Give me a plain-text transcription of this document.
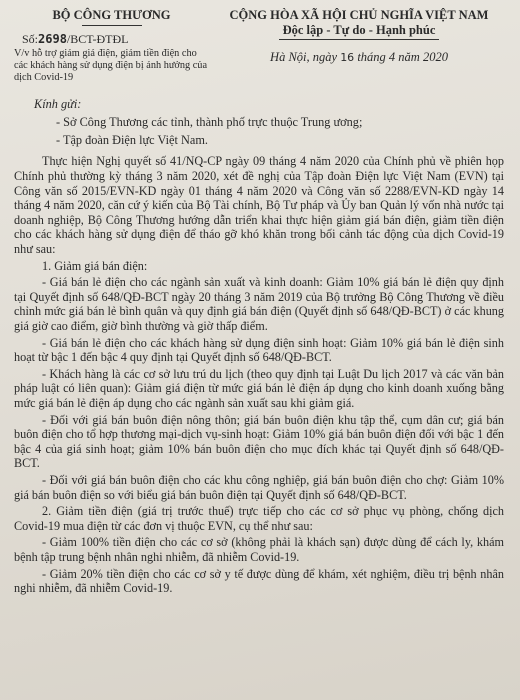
BỘ CÔNG THƯƠNG
Số:2698/BCT-ĐTĐL
V/v hỗ trợ giảm giá điện, giảm tiền điện cho các khách hàng sử dụng điện bị ảnh hưởng của dịch Covid-19
CỘNG HÒA XÃ HỘI CHỦ NGHĨA VIỆT NAM
Độc lập - Tự do - Hạnh phúc
Hà Nội, ngày 16 tháng 4 năm 2020
Kính gửi:
- Sở Công Thương các tỉnh, thành phố trực thuộc Trung ương;
- Tập đoàn Điện lực Việt Nam.

Thực hiện Nghị quyết số 41/NQ-CP ngày 09 tháng 4 năm 2020 của Chính phủ về phiên họp Chính phủ thường kỳ tháng 3 năm 2020, xét đề nghị của Tập đoàn Điện lực Việt Nam (EVN) tại Công văn số 2015/EVN-KD ngày 01 tháng 4 năm 2020 và Công văn số 2288/EVN-KD ngày 14 tháng 4 năm 2020, căn cứ ý kiến của Bộ Tài chính, Bộ Tư pháp và Ủy ban Quản lý vốn nhà nước tại doanh nghiệp, Bộ Công Thương hướng dẫn triển khai thực hiện giảm giá bán điện, giảm tiền điện cho các khách hàng sử dụng điện để tháo gỡ khó khăn trong bối cảnh tác động của dịch Covid-19 như sau:

1. Giảm giá bán điện:

- Giá bán lẻ điện cho các ngành sản xuất và kinh doanh: Giảm 10% giá bán lẻ điện quy định tại Quyết định số 648/QĐ-BCT ngày 20 tháng 3 năm 2019 của Bộ trưởng Bộ Công Thương về điều chỉnh mức giá bán lẻ bình quân và quy định giá bán điện (Quyết định số 648/QĐ-BCT) ở các khung giá giờ cao điểm, giờ bình thường và giờ thấp điểm.

- Giá bán lẻ điện cho các khách hàng sử dụng điện sinh hoạt: Giảm 10% giá bán lẻ điện sinh hoạt từ bậc 1 đến bậc 4 quy định tại Quyết định số 648/QĐ-BCT.

- Khách hàng là các cơ sở lưu trú du lịch (theo quy định tại Luật Du lịch 2017 và các văn bản pháp luật có liên quan): Giảm giá điện từ mức giá bán lẻ điện áp dụng cho kinh doanh xuống bằng mức giá bán lẻ điện áp dụng cho các ngành sản xuất sau khi giảm giá.

- Đối với giá bán buôn điện nông thôn; giá bán buôn điện khu tập thể, cụm dân cư; giá bán buôn điện cho tổ hợp thương mại-dịch vụ-sinh hoạt: Giảm 10% giá bán buôn điện đối với bậc 1 đến bậc 4 của giá sinh hoạt; giảm 10% bán buôn điện cho mục đích khác tại Quyết định số 648/QĐ-BCT.

- Đối với giá bán buôn điện cho các khu công nghiệp, giá bán buôn điện cho chợ: Giảm 10% giá bán buôn điện so với biểu giá bán buôn điện tại Quyết định số 648/QĐ-BCT.

2. Giảm tiền điện (giá trị trước thuế) trực tiếp cho các cơ sở phục vụ phòng, chống dịch Covid-19 mua điện từ các đơn vị thuộc EVN, cụ thể như sau:

- Giảm 100% tiền điện cho các cơ sở (không phải là khách sạn) được dùng để cách ly, khám bệnh tập trung bệnh nhân nghi nhiễm, đã nhiễm Covid-19.

- Giảm 20% tiền điện cho các cơ sở y tế được dùng để khám, xét nghiệm, điều trị bệnh nhân nghi nhiễm, đã nhiễm Covid-19.
